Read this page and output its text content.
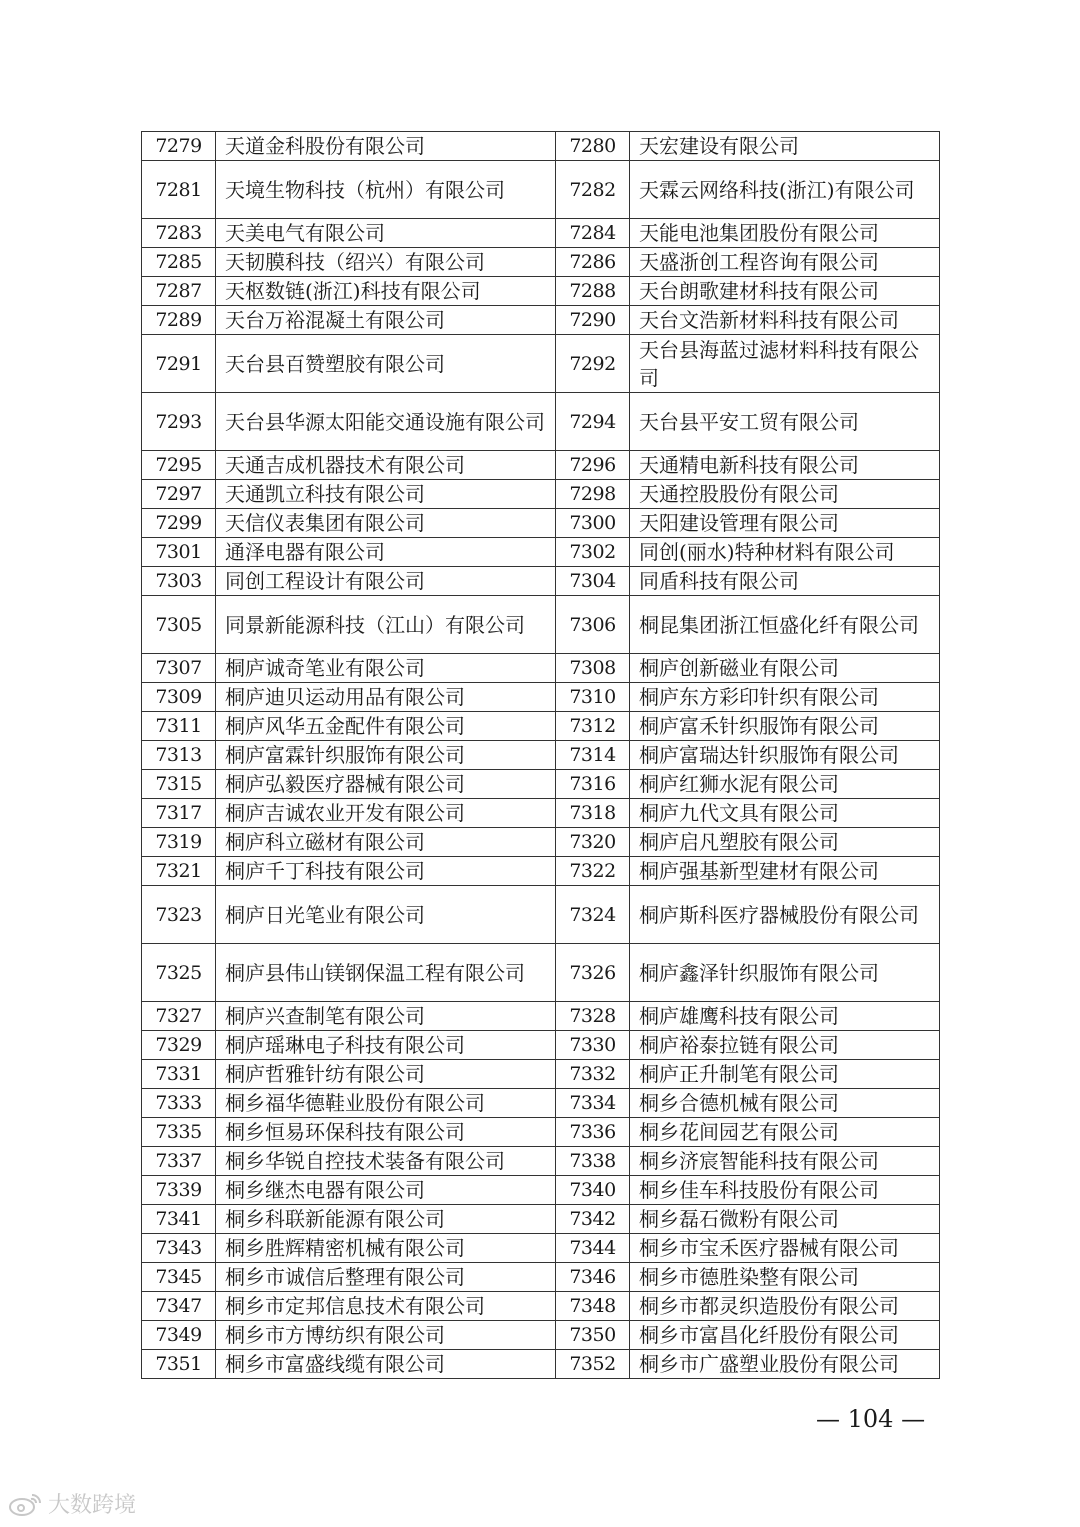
7279	天道金科股份有限公司	7280	天宏建设有限公司
7281	天境生物科技（杭州）有限公司	7282	天霖云网络科技(浙江)有限公司
7283	天美电气有限公司	7284	天能电池集团股份有限公司
7285	天韧膜科技（绍兴）有限公司	7286	天盛浙创工程咨询有限公司
7287	天枢数链(浙江)科技有限公司	7288	天台朗歌建材科技有限公司
7289	天台万裕混凝土有限公司	7290	天台文浩新材料科技有限公司
7291	天台县百赞塑胶有限公司	7292	天台县海蓝过滤材料科技有限公司
7293	天台县华源太阳能交通设施有限公司	7294	天台县平安工贸有限公司
7295	天通吉成机器技术有限公司	7296	天通精电新科技有限公司
7297	天通凯立科技有限公司	7298	天通控股股份有限公司
7299	天信仪表集团有限公司	7300	天阳建设管理有限公司
7301	通泽电器有限公司	7302	同创(丽水)特种材料有限公司
7303	同创工程设计有限公司	7304	同盾科技有限公司
7305	同景新能源科技（江山）有限公司	7306	桐昆集团浙江恒盛化纤有限公司
7307	桐庐诚奇笔业有限公司	7308	桐庐创新磁业有限公司
7309	桐庐迪贝运动用品有限公司	7310	桐庐东方彩印针织有限公司
7311	桐庐风华五金配件有限公司	7312	桐庐富禾针织服饰有限公司
7313	桐庐富霖针织服饰有限公司	7314	桐庐富瑞达针织服饰有限公司
7315	桐庐弘毅医疗器械有限公司	7316	桐庐红狮水泥有限公司
7317	桐庐吉诚农业开发有限公司	7318	桐庐九代文具有限公司
7319	桐庐科立磁材有限公司	7320	桐庐启凡塑胶有限公司
7321	桐庐千丁科技有限公司	7322	桐庐强基新型建材有限公司
7323	桐庐日光笔业有限公司	7324	桐庐斯科医疗器械股份有限公司
7325	桐庐县伟山镁钢保温工程有限公司	7326	桐庐鑫泽针织服饰有限公司
7327	桐庐兴查制笔有限公司	7328	桐庐雄鹰科技有限公司
7329	桐庐瑶琳电子科技有限公司	7330	桐庐裕泰拉链有限公司
7331	桐庐哲雅针纺有限公司	7332	桐庐正升制笔有限公司
7333	桐乡福华德鞋业股份有限公司	7334	桐乡合德机械有限公司
7335	桐乡恒易环保科技有限公司	7336	桐乡花间园艺有限公司
7337	桐乡华锐自控技术装备有限公司	7338	桐乡济宸智能科技有限公司
7339	桐乡继杰电器有限公司	7340	桐乡佳车科技股份有限公司
7341	桐乡科联新能源有限公司	7342	桐乡磊石微粉有限公司
7343	桐乡胜辉精密机械有限公司	7344	桐乡市宝禾医疗器械有限公司
7345	桐乡市诚信后整理有限公司	7346	桐乡市德胜染整有限公司
7347	桐乡市定邦信息技术有限公司	7348	桐乡市都灵织造股份有限公司
7349	桐乡市方博纺织有限公司	7350	桐乡市富昌化纤股份有限公司
7351	桐乡市富盛线缆有限公司	7352	桐乡市广盛塑业股份有限公司
— 104 —
大数跨境
